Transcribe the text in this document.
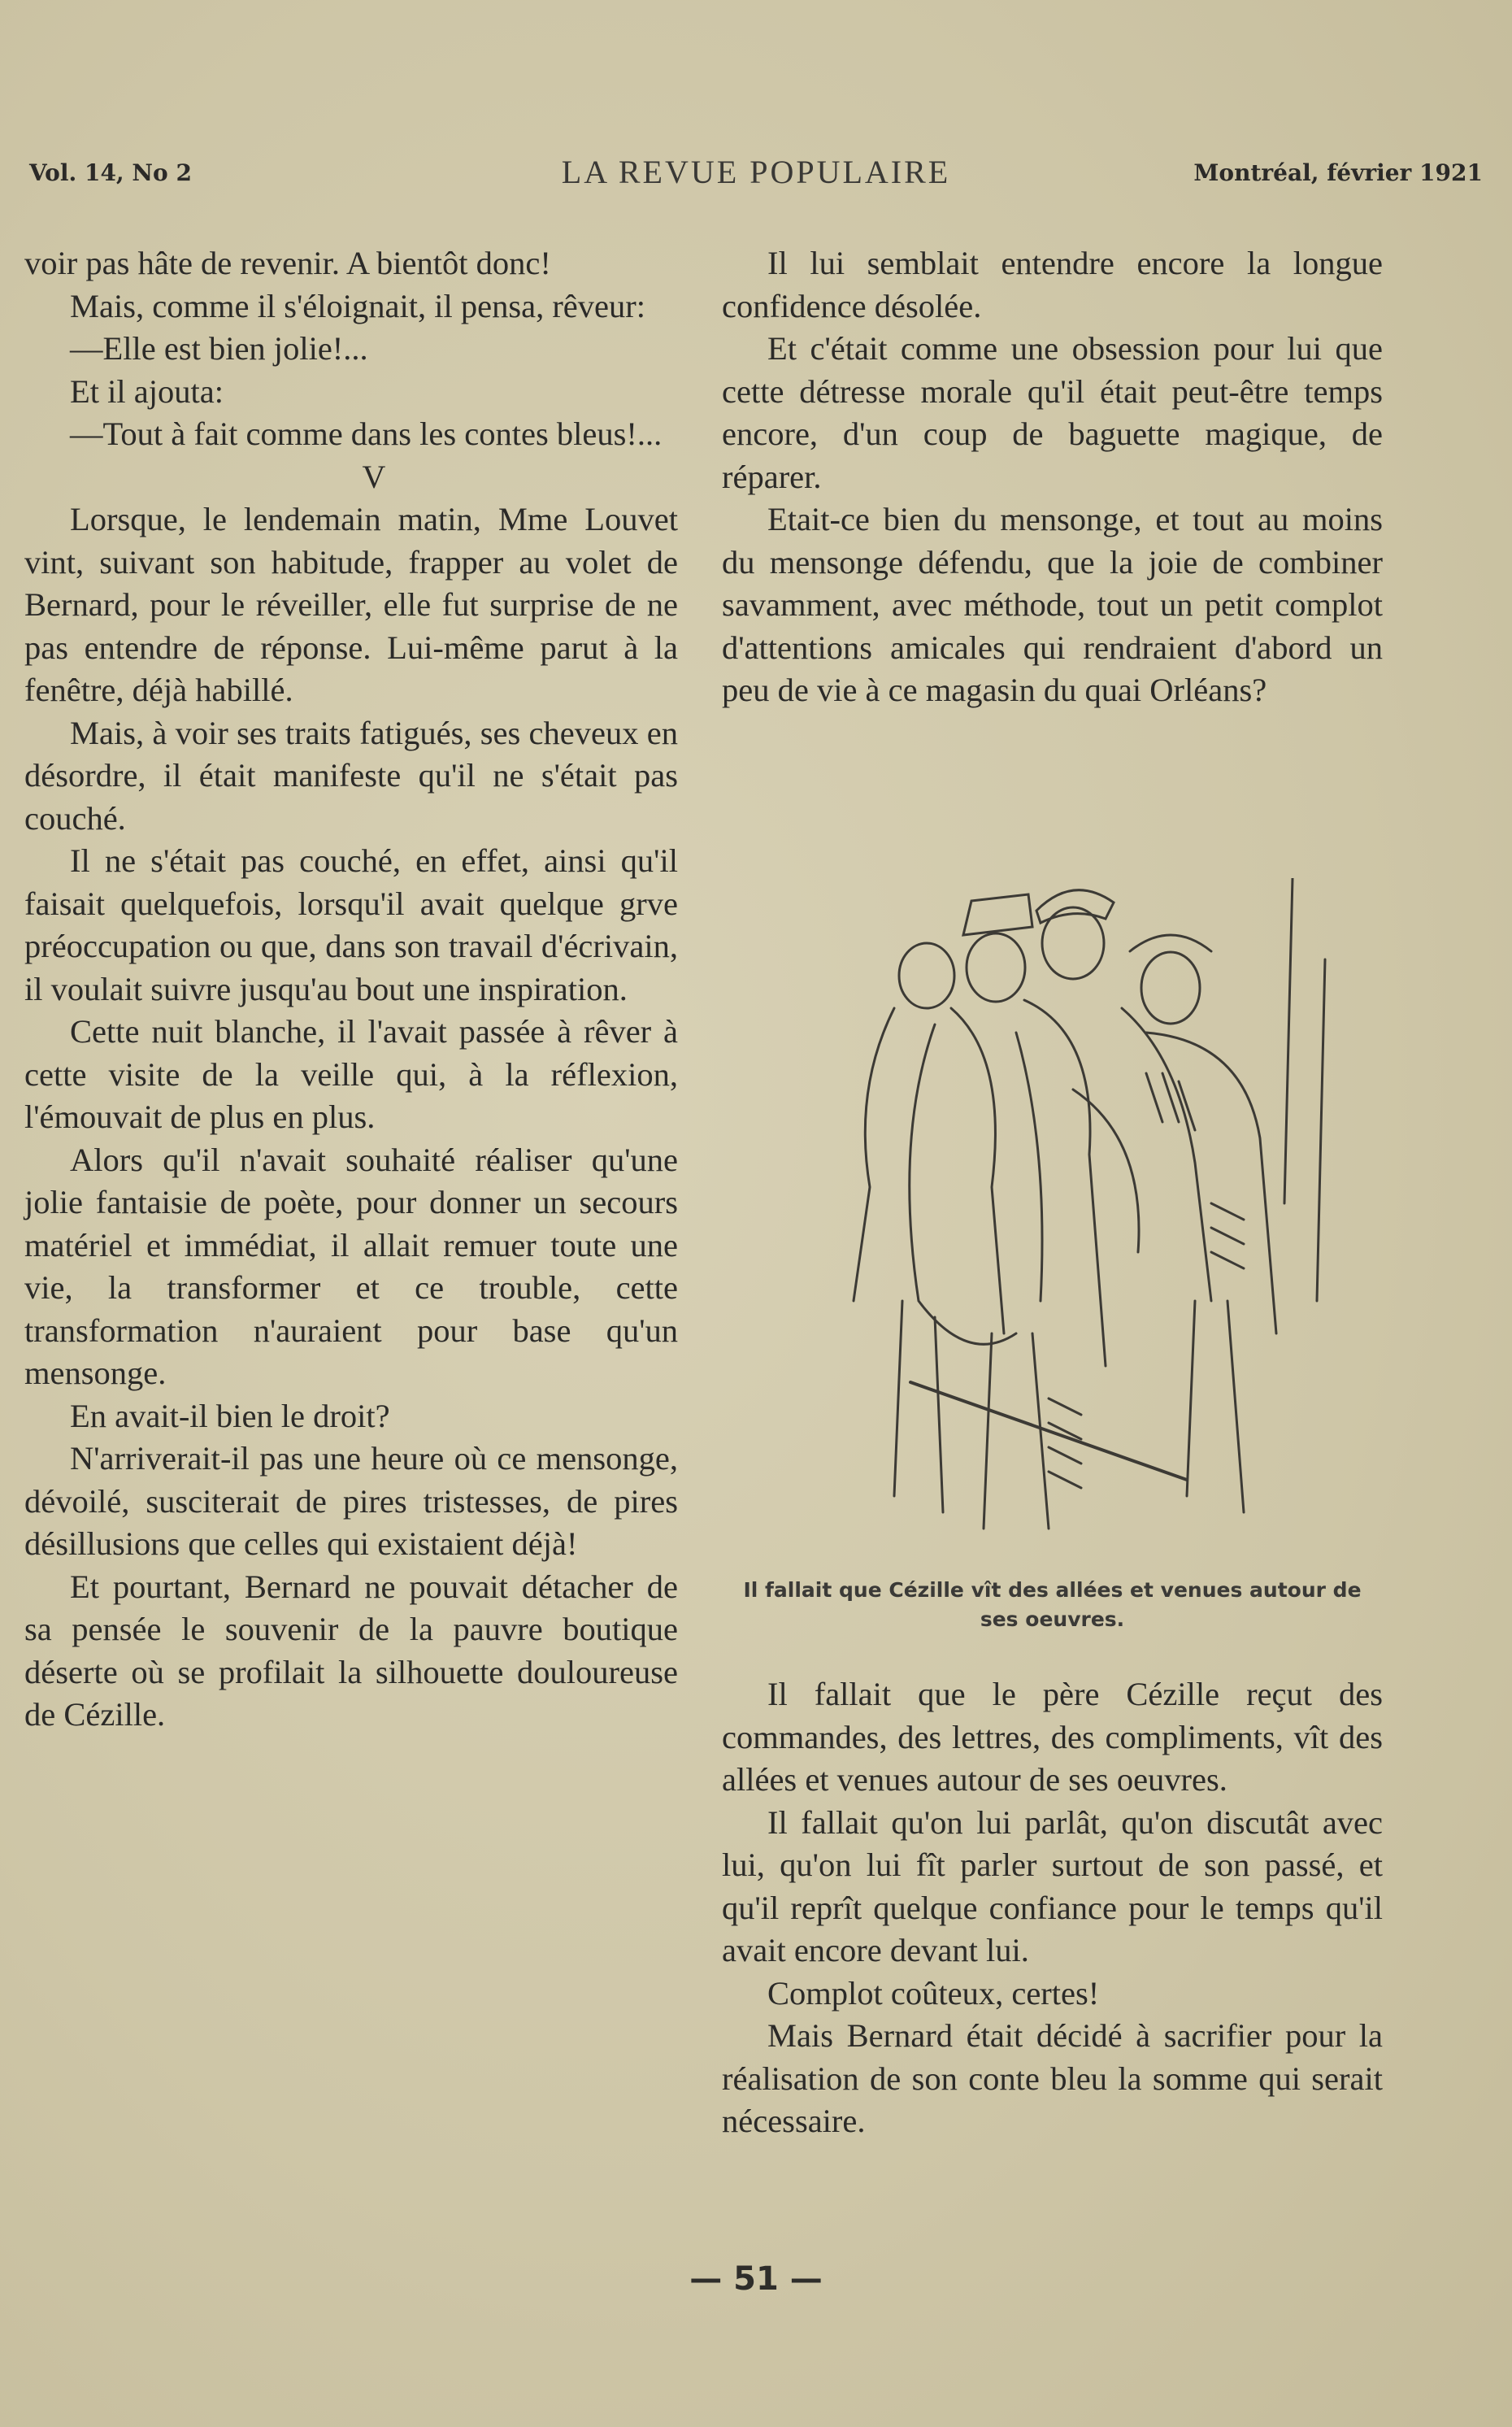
Vol. 14, No 2	LA REVUE POPULAIRE	Montréal, février 1921

voir pas hâte de revenir. A bientôt donc!

Mais, comme il s'éloignait, il pensa, rêveur:

—Elle est bien jolie!...

Et il ajouta:

—Tout à fait comme dans les contes bleus!...

V

Lorsque, le lendemain matin, Mme Louvet vint, suivant son habitude, frapper au volet de Bernard, pour le réveiller, elle fut surprise de ne pas entendre de réponse. Lui-même parut à la fenêtre, déjà habillé.

Mais, à voir ses traits fatigués, ses cheveux en désordre, il était manifeste qu'il ne s'était pas couché.

Il ne s'était pas couché, en effet, ainsi qu'il faisait quelquefois, lorsqu'il avait quelque grve préoccupation ou que, dans son travail d'écrivain, il voulait suivre jusqu'au bout une inspiration.

Cette nuit blanche, il l'avait passée à rêver à cette visite de la veille qui, à la réflexion, l'émouvait de plus en plus.

Alors qu'il n'avait souhaité réaliser qu'une jolie fantaisie de poète, pour donner un secours matériel et immédiat, il allait remuer toute une vie, la transformer et ce trouble, cette transformation n'auraient pour base qu'un mensonge.

En avait-il bien le droit?

N'arriverait-il pas une heure où ce mensonge, dévoilé, susciterait de pires tristesses, de pires désillusions que celles qui existaient déjà!

Et pourtant, Bernard ne pouvait détacher de sa pensée le souvenir de la pauvre boutique déserte où se profilait la silhouette douloureuse de Cézille.

Il lui semblait entendre encore la longue confidence désolée.

Et c'était comme une obsession pour lui que cette détresse morale qu'il était peut-être temps encore, d'un coup de baguette magique, de réparer.

Etait-ce bien du mensonge, et tout au moins du mensonge défendu, que la joie de combiner savamment, avec méthode, tout un petit complot d'attentions amicales qui rendraient d'abord un peu de vie à ce magasin du quai Orléans?

Il fallait que Cézille vît des allées et venues autour de ses oeuvres.

Il fallait que le père Cézille reçut des commandes, des lettres, des compliments, vît des allées et venues autour de ses oeuvres.

Il fallait qu'on lui parlât, qu'on discutât avec lui, qu'on lui fît parler surtout de son passé, et qu'il reprît quelque confiance pour le temps qu'il avait encore devant lui.

Complot coûteux, certes!

Mais Bernard était décidé à sacrifier pour la réalisation de son conte bleu la somme qui serait nécessaire.

— 51 —
